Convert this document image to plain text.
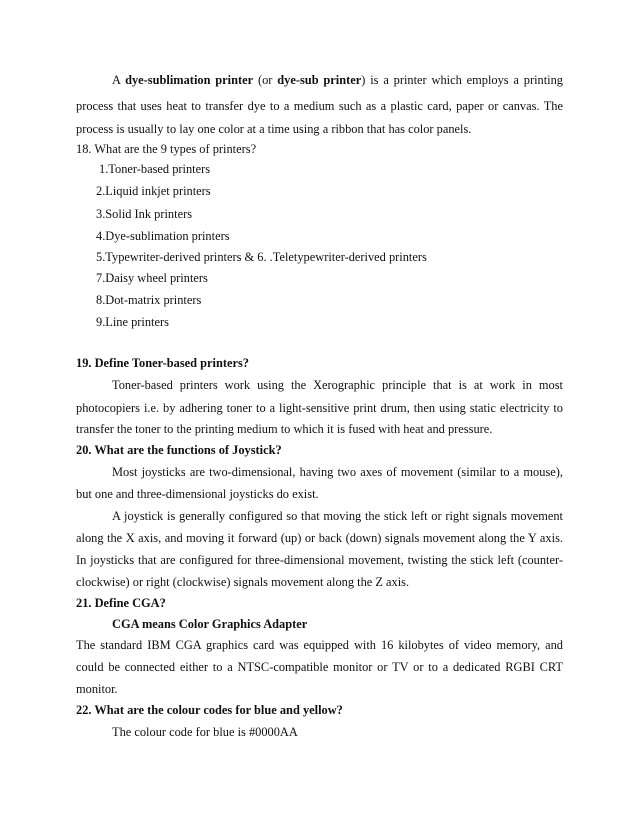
A dye-sublimation printer (or dye-sub printer) is a printer which employs a printing
process that uses heat to transfer dye to a medium such as a plastic card, paper or canvas. The
process is usually to lay one color at a time using a ribbon that has color panels.
18. What are the 9 types of printers?
1.Toner-based printers
2.Liquid inkjet printers
3.Solid Ink printers
4.Dye-sublimation printers
5.Typewriter-derived printers & 6. .Teletypewriter-derived printers
7.Daisy wheel printers
8.Dot-matrix printers
9.Line printers
19. Define Toner-based printers?
Toner-based printers work using the Xerographic principle that is at work in most
photocopiers i.e. by adhering toner to a light-sensitive print drum, then using static electricity to
transfer the toner to the printing medium to which it is fused with heat and pressure.
20. What are the functions of Joystick?
Most joysticks are two-dimensional, having two axes of movement (similar to a mouse),
but one and three-dimensional joysticks do exist.
A joystick is generally configured so that moving the stick left or right signals movement
along the X axis, and moving it forward (up) or back (down) signals movement along the Y axis.
In joysticks that are configured for three-dimensional movement, twisting the stick left (counter-
clockwise) or right (clockwise) signals movement along the Z axis.
21. Define CGA?
CGA means Color Graphics Adapter
The standard IBM CGA graphics card was equipped with 16 kilobytes of video memory, and
could be connected either to a NTSC-compatible monitor or TV or to a dedicated RGBI CRT
monitor.
22. What are the colour codes for blue and yellow?
The colour code for blue is #0000AA
